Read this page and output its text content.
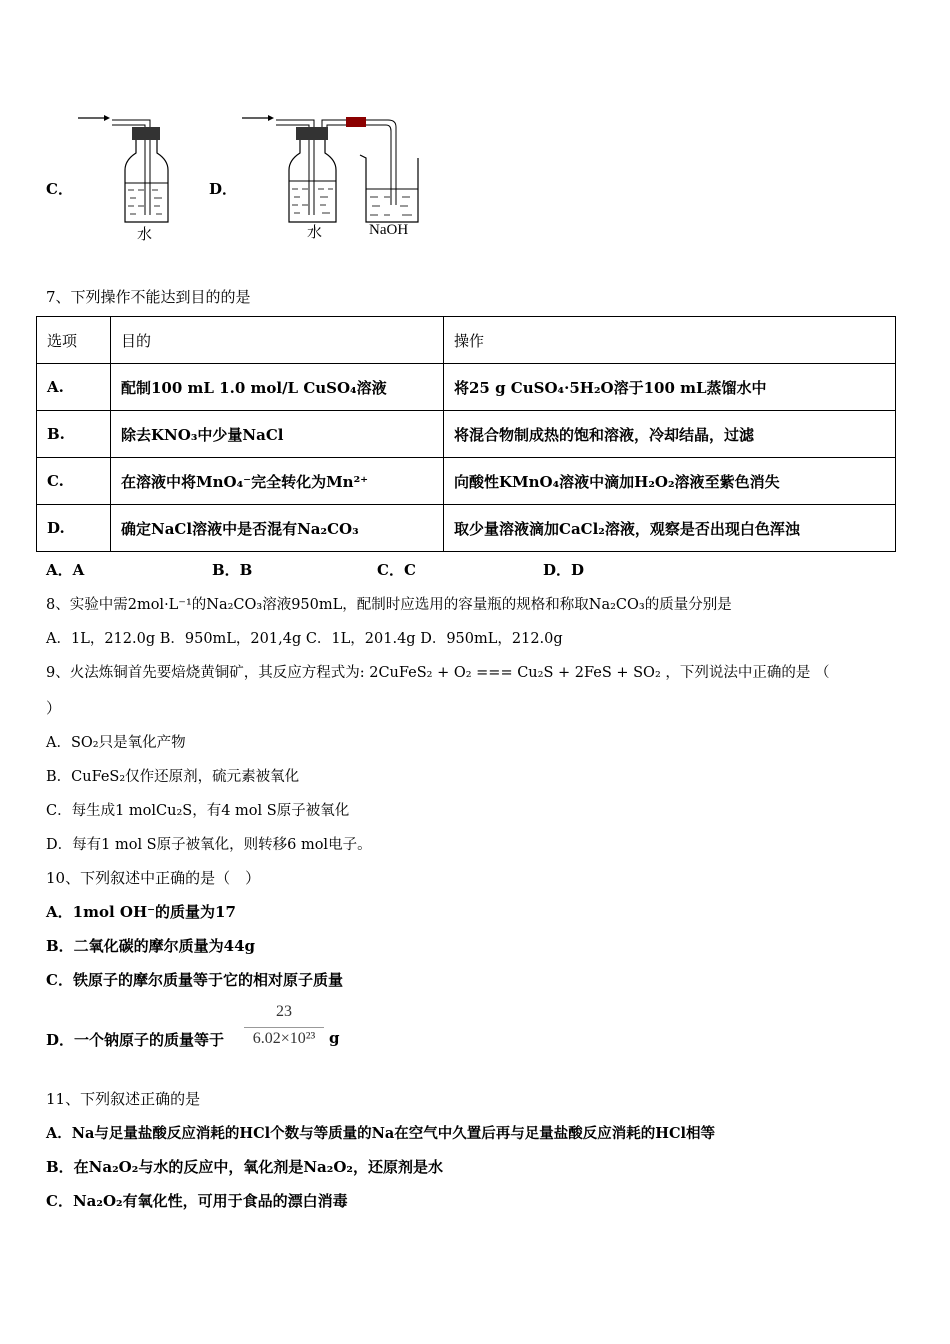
C．
水
D．
水	NaOH
7、下列操作不能达到目的的是
选项	目的	操作
A.	配制100 mL 1.0 mol/L CuSO₄溶液	将25 g CuSO₄·5H₂O溶于100 mL蒸馏水中
B.	除去KNO₃中少量NaCl	将混合物制成热的饱和溶液，冷却结晶，过滤
C.	在溶液中将MnO₄⁻完全转化为Mn²⁺	向酸性KMnO₄溶液中滴加H₂O₂溶液至紫色消失
D.	确定NaCl溶液中是否混有Na₂CO₃	取少量溶液滴加CaCl₂溶液，观察是否出现白色浑浊
A．A	B．B	C．C	D．D
8、实验中需2mol·L⁻¹的Na₂CO₃溶液950mL，配制时应选用的容量瓶的规格和称取Na₂CO₃的质量分别是
A．1L，212.0g B．950mL，201,4g C．1L，201.4g D．950mL，212.0g
9、火法炼铜首先要焙烧黄铜矿，其反应方程式为: 2CuFeS₂ + O₂ === Cu₂S + 2FeS + SO₂ ，下列说法中正确的是 （
）
A．SO₂只是氧化产物
B．CuFeS₂仅作还原剂，硫元素被氧化
C．每生成1 molCu₂S，有4 mol S原子被氧化
D．每有1 mol S原子被氧化，则转移6 mol电子。
10、下列叙述中正确的是（　）
A．1mol OH⁻的质量为17
B．二氧化碳的摩尔质量为44g
C．铁原子的摩尔质量等于它的相对原子质量
D．一个钠原子的质量等于
23
6.02×10²³ g
11、下列叙述正确的是
A．Na与足量盐酸反应消耗的HCl个数与等质量的Na在空气中久置后再与足量盐酸反应消耗的HCl相等
B．在Na₂O₂与水的反应中，氧化剂是Na₂O₂，还原剂是水
C．Na₂O₂有氧化性，可用于食品的漂白消毒
